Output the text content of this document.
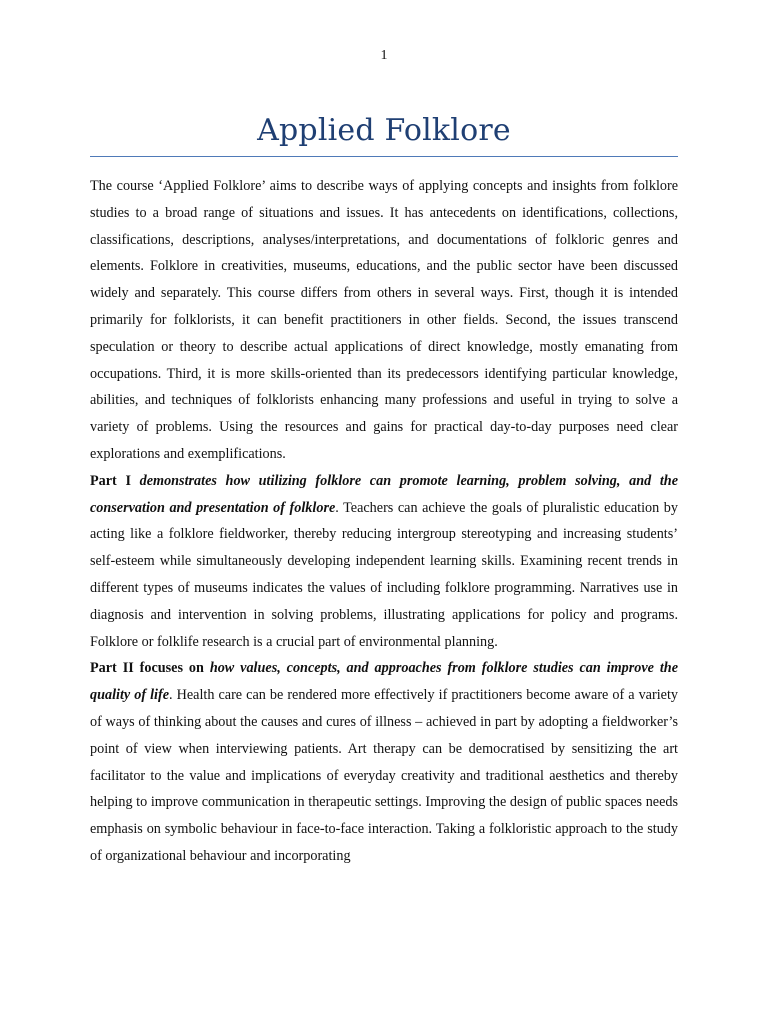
1
Applied Folklore

The course ‘Applied Folklore’ aims to describe ways of applying concepts and insights from folklore studies to a broad range of situations and issues. It has antecedents on identifications, collections, classifications, descriptions, analyses/interpretations, and documentations of folkloric genres and elements. Folklore in creativities, museums, educations, and the public sector have been discussed widely and separately. This course differs from others in several ways. First, though it is intended primarily for folklorists, it can benefit practitioners in other fields. Second, the issues transcend speculation or theory to describe actual applications of direct knowledge, mostly emanating from occupations. Third, it is more skills-oriented than its predecessors identifying particular knowledge, abilities, and techniques of folklorists enhancing many professions and useful in trying to solve a variety of problems. Using the resources and gains for practical day-to-day purposes need clear explorations and exemplifications.

Part I demonstrates how utilizing folklore can promote learning, problem solving, and the conservation and presentation of folklore. Teachers can achieve the goals of pluralistic education by acting like a folklore fieldworker, thereby reducing intergroup stereotyping and increasing students’ self-esteem while simultaneously developing independent learning skills. Examining recent trends in different types of museums indicates the values of including folklore programming. Narratives use in diagnosis and intervention in solving problems, illustrating applications for policy and programs. Folklore or folklife research is a crucial part of environmental planning.

Part II focuses on how values, concepts, and approaches from folklore studies can improve the quality of life. Health care can be rendered more effectively if practitioners become aware of a variety of ways of thinking about the causes and cures of illness – achieved in part by adopting a fieldworker’s point of view when interviewing patients. Art therapy can be democratised by sensitizing the art facilitator to the value and implications of everyday creativity and traditional aesthetics and thereby helping to improve communication in therapeutic settings. Improving the design of public spaces needs emphasis on symbolic behaviour in face-to-face interaction. Taking a folkloristic approach to the study of organizational behaviour and incorporating
